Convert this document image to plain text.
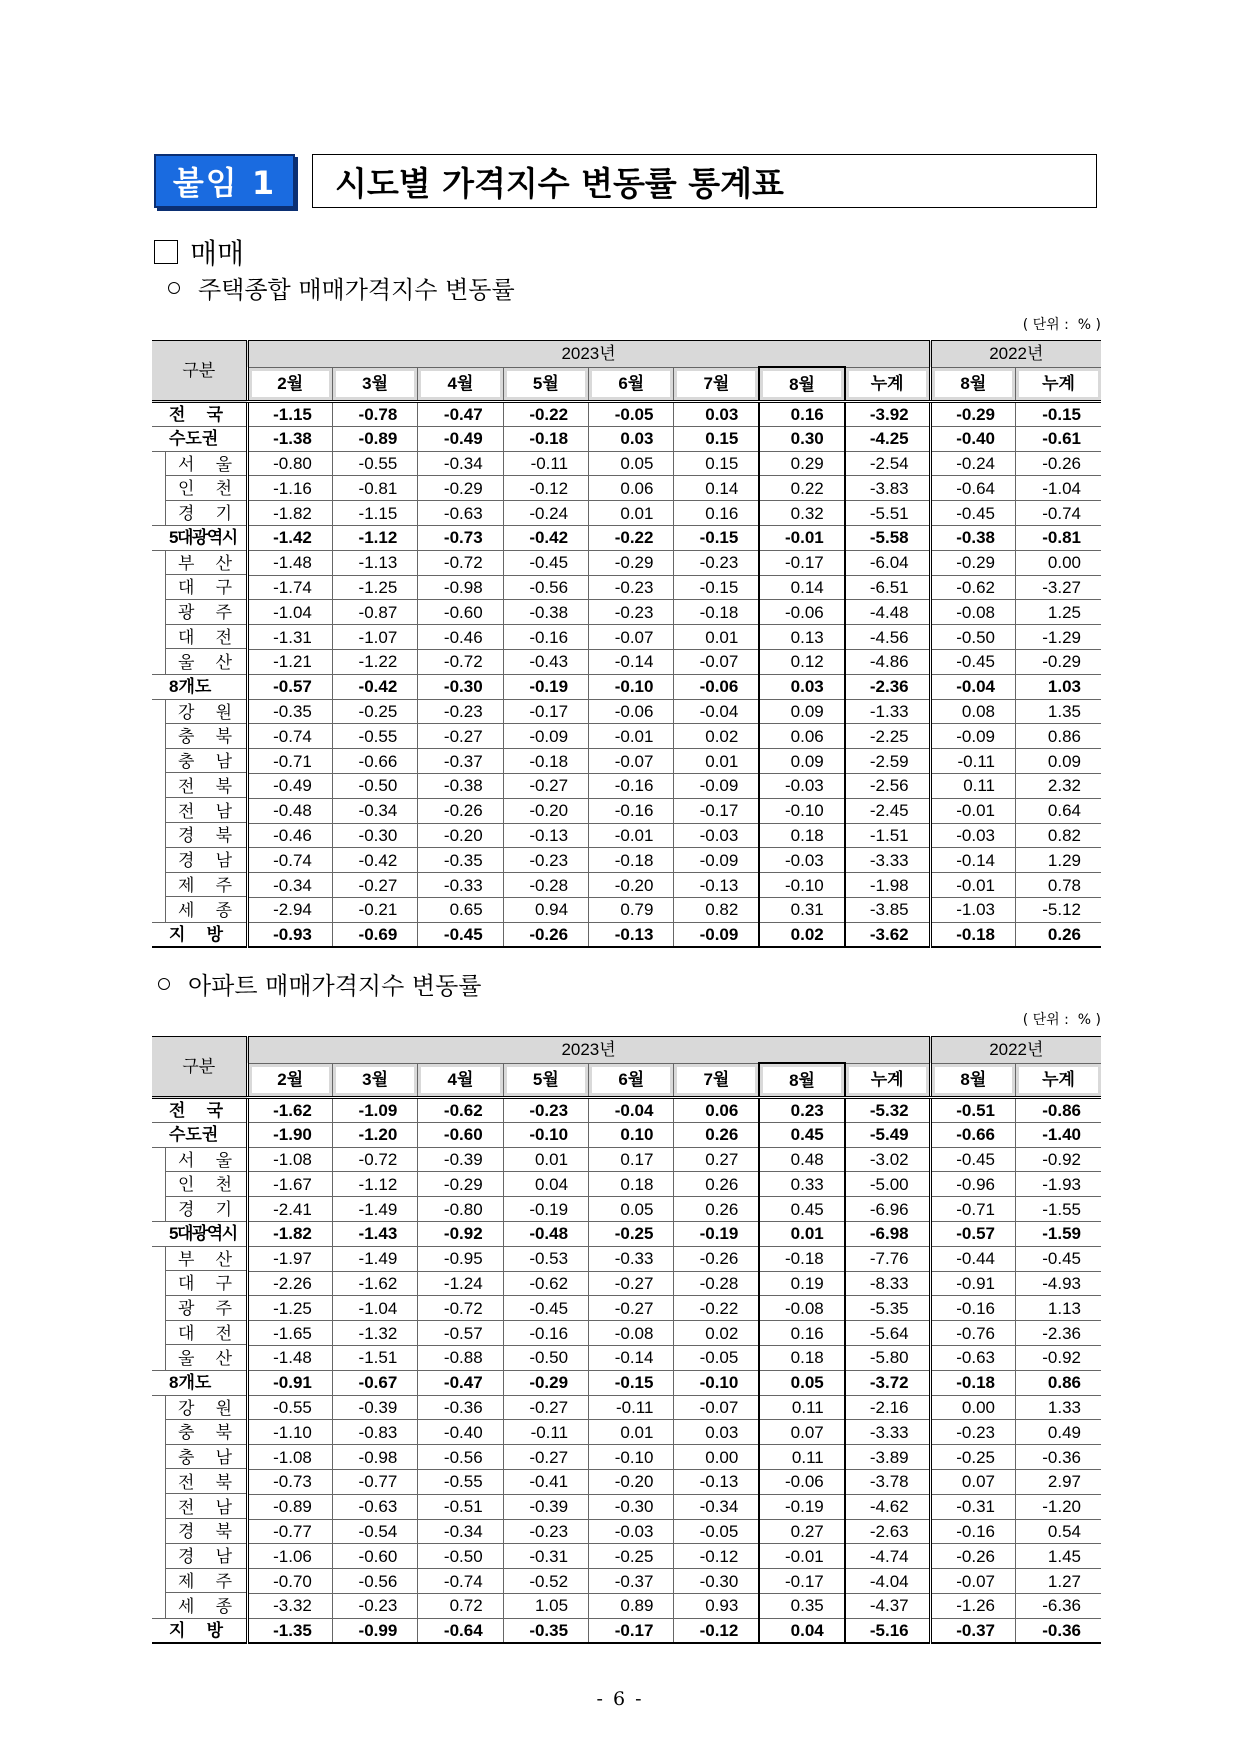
붙임 1	시도별 가격지수 변동률 통계표
매매
주택종합 매매가격지수 변동률
( 단위 :  % )
구분	2023년								2022년	
	2월	3월	4월	5월	6월	7월	8월	누계	8월	누계
전 국	-1.15	-0.78	-0.47	-0.22	-0.05	0.03	0.16	-3.92	-0.29	-0.15
수도권	-1.38	-0.89	-0.49	-0.18	0.03	0.15	0.30	-4.25	-0.40	-0.61

서 울	-0.80	-0.55	-0.34	-0.11	0.05	0.15	0.29	-2.54	-0.24	-0.26

인 천	-1.16	-0.81	-0.29	-0.12	0.06	0.14	0.22	-3.83	-0.64	-1.04

경 기	-1.82	-1.15	-0.63	-0.24	0.01	0.16	0.32	-5.51	-0.45	-0.74
5대광역시	-1.42	-1.12	-0.73	-0.42	-0.22	-0.15	-0.01	-5.58	-0.38	-0.81

부 산	-1.48	-1.13	-0.72	-0.45	-0.29	-0.23	-0.17	-6.04	-0.29	0.00

대 구	-1.74	-1.25	-0.98	-0.56	-0.23	-0.15	0.14	-6.51	-0.62	-3.27

광 주	-1.04	-0.87	-0.60	-0.38	-0.23	-0.18	-0.06	-4.48	-0.08	1.25

대 전	-1.31	-1.07	-0.46	-0.16	-0.07	0.01	0.13	-4.56	-0.50	-1.29

울 산	-1.21	-1.22	-0.72	-0.43	-0.14	-0.07	0.12	-4.86	-0.45	-0.29
8개도	-0.57	-0.42	-0.30	-0.19	-0.10	-0.06	0.03	-2.36	-0.04	1.03

강 원	-0.35	-0.25	-0.23	-0.17	-0.06	-0.04	0.09	-1.33	0.08	1.35

충 북	-0.74	-0.55	-0.27	-0.09	-0.01	0.02	0.06	-2.25	-0.09	0.86

충 남	-0.71	-0.66	-0.37	-0.18	-0.07	0.01	0.09	-2.59	-0.11	0.09

전 북	-0.49	-0.50	-0.38	-0.27	-0.16	-0.09	-0.03	-2.56	0.11	2.32

전 남	-0.48	-0.34	-0.26	-0.20	-0.16	-0.17	-0.10	-2.45	-0.01	0.64

경 북	-0.46	-0.30	-0.20	-0.13	-0.01	-0.03	0.18	-1.51	-0.03	0.82

경 남	-0.74	-0.42	-0.35	-0.23	-0.18	-0.09	-0.03	-3.33	-0.14	1.29

제 주	-0.34	-0.27	-0.33	-0.28	-0.20	-0.13	-0.10	-1.98	-0.01	0.78

세 종	-2.94	-0.21	0.65	0.94	0.79	0.82	0.31	-3.85	-1.03	-5.12
지 방	-0.93	-0.69	-0.45	-0.26	-0.13	-0.09	0.02	-3.62	-0.18	0.26
아파트 매매가격지수 변동률
( 단위 :  % )
구분	2023년								2022년	
	2월	3월	4월	5월	6월	7월	8월	누계	8월	누계
전 국	-1.62	-1.09	-0.62	-0.23	-0.04	0.06	0.23	-5.32	-0.51	-0.86
수도권	-1.90	-1.20	-0.60	-0.10	0.10	0.26	0.45	-5.49	-0.66	-1.40

서 울	-1.08	-0.72	-0.39	0.01	0.17	0.27	0.48	-3.02	-0.45	-0.92

인 천	-1.67	-1.12	-0.29	0.04	0.18	0.26	0.33	-5.00	-0.96	-1.93

경 기	-2.41	-1.49	-0.80	-0.19	0.05	0.26	0.45	-6.96	-0.71	-1.55
5대광역시	-1.82	-1.43	-0.92	-0.48	-0.25	-0.19	0.01	-6.98	-0.57	-1.59

부 산	-1.97	-1.49	-0.95	-0.53	-0.33	-0.26	-0.18	-7.76	-0.44	-0.45

대 구	-2.26	-1.62	-1.24	-0.62	-0.27	-0.28	0.19	-8.33	-0.91	-4.93

광 주	-1.25	-1.04	-0.72	-0.45	-0.27	-0.22	-0.08	-5.35	-0.16	1.13

대 전	-1.65	-1.32	-0.57	-0.16	-0.08	0.02	0.16	-5.64	-0.76	-2.36

울 산	-1.48	-1.51	-0.88	-0.50	-0.14	-0.05	0.18	-5.80	-0.63	-0.92
8개도	-0.91	-0.67	-0.47	-0.29	-0.15	-0.10	0.05	-3.72	-0.18	0.86

강 원	-0.55	-0.39	-0.36	-0.27	-0.11	-0.07	0.11	-2.16	0.00	1.33

충 북	-1.10	-0.83	-0.40	-0.11	0.01	0.03	0.07	-3.33	-0.23	0.49

충 남	-1.08	-0.98	-0.56	-0.27	-0.10	0.00	0.11	-3.89	-0.25	-0.36

전 북	-0.73	-0.77	-0.55	-0.41	-0.20	-0.13	-0.06	-3.78	0.07	2.97

전 남	-0.89	-0.63	-0.51	-0.39	-0.30	-0.34	-0.19	-4.62	-0.31	-1.20

경 북	-0.77	-0.54	-0.34	-0.23	-0.03	-0.05	0.27	-2.63	-0.16	0.54

경 남	-1.06	-0.60	-0.50	-0.31	-0.25	-0.12	-0.01	-4.74	-0.26	1.45

제 주	-0.70	-0.56	-0.74	-0.52	-0.37	-0.30	-0.17	-4.04	-0.07	1.27

세 종	-3.32	-0.23	0.72	1.05	0.89	0.93	0.35	-4.37	-1.26	-6.36
지 방	-1.35	-0.99	-0.64	-0.35	-0.17	-0.12	0.04	-5.16	-0.37	-0.36
- 6 -
